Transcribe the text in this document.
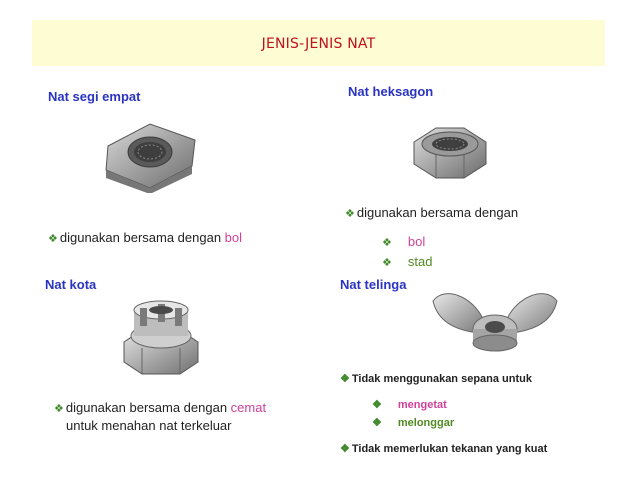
JENIS-JENIS NAT
Nat segi empat
❖ digunakan bersama dengan bol
Nat heksagon
❖ digunakan bersama dengan
❖ bol
❖ stad
Nat kota
❖ digunakan bersama dengan cemat
untuk menahan nat terkeluar
Nat telinga
❖ Tidak menggunakan sepana untuk
❖ mengetat
❖ melonggar
❖ Tidak memerlukan tekanan yang kuat
